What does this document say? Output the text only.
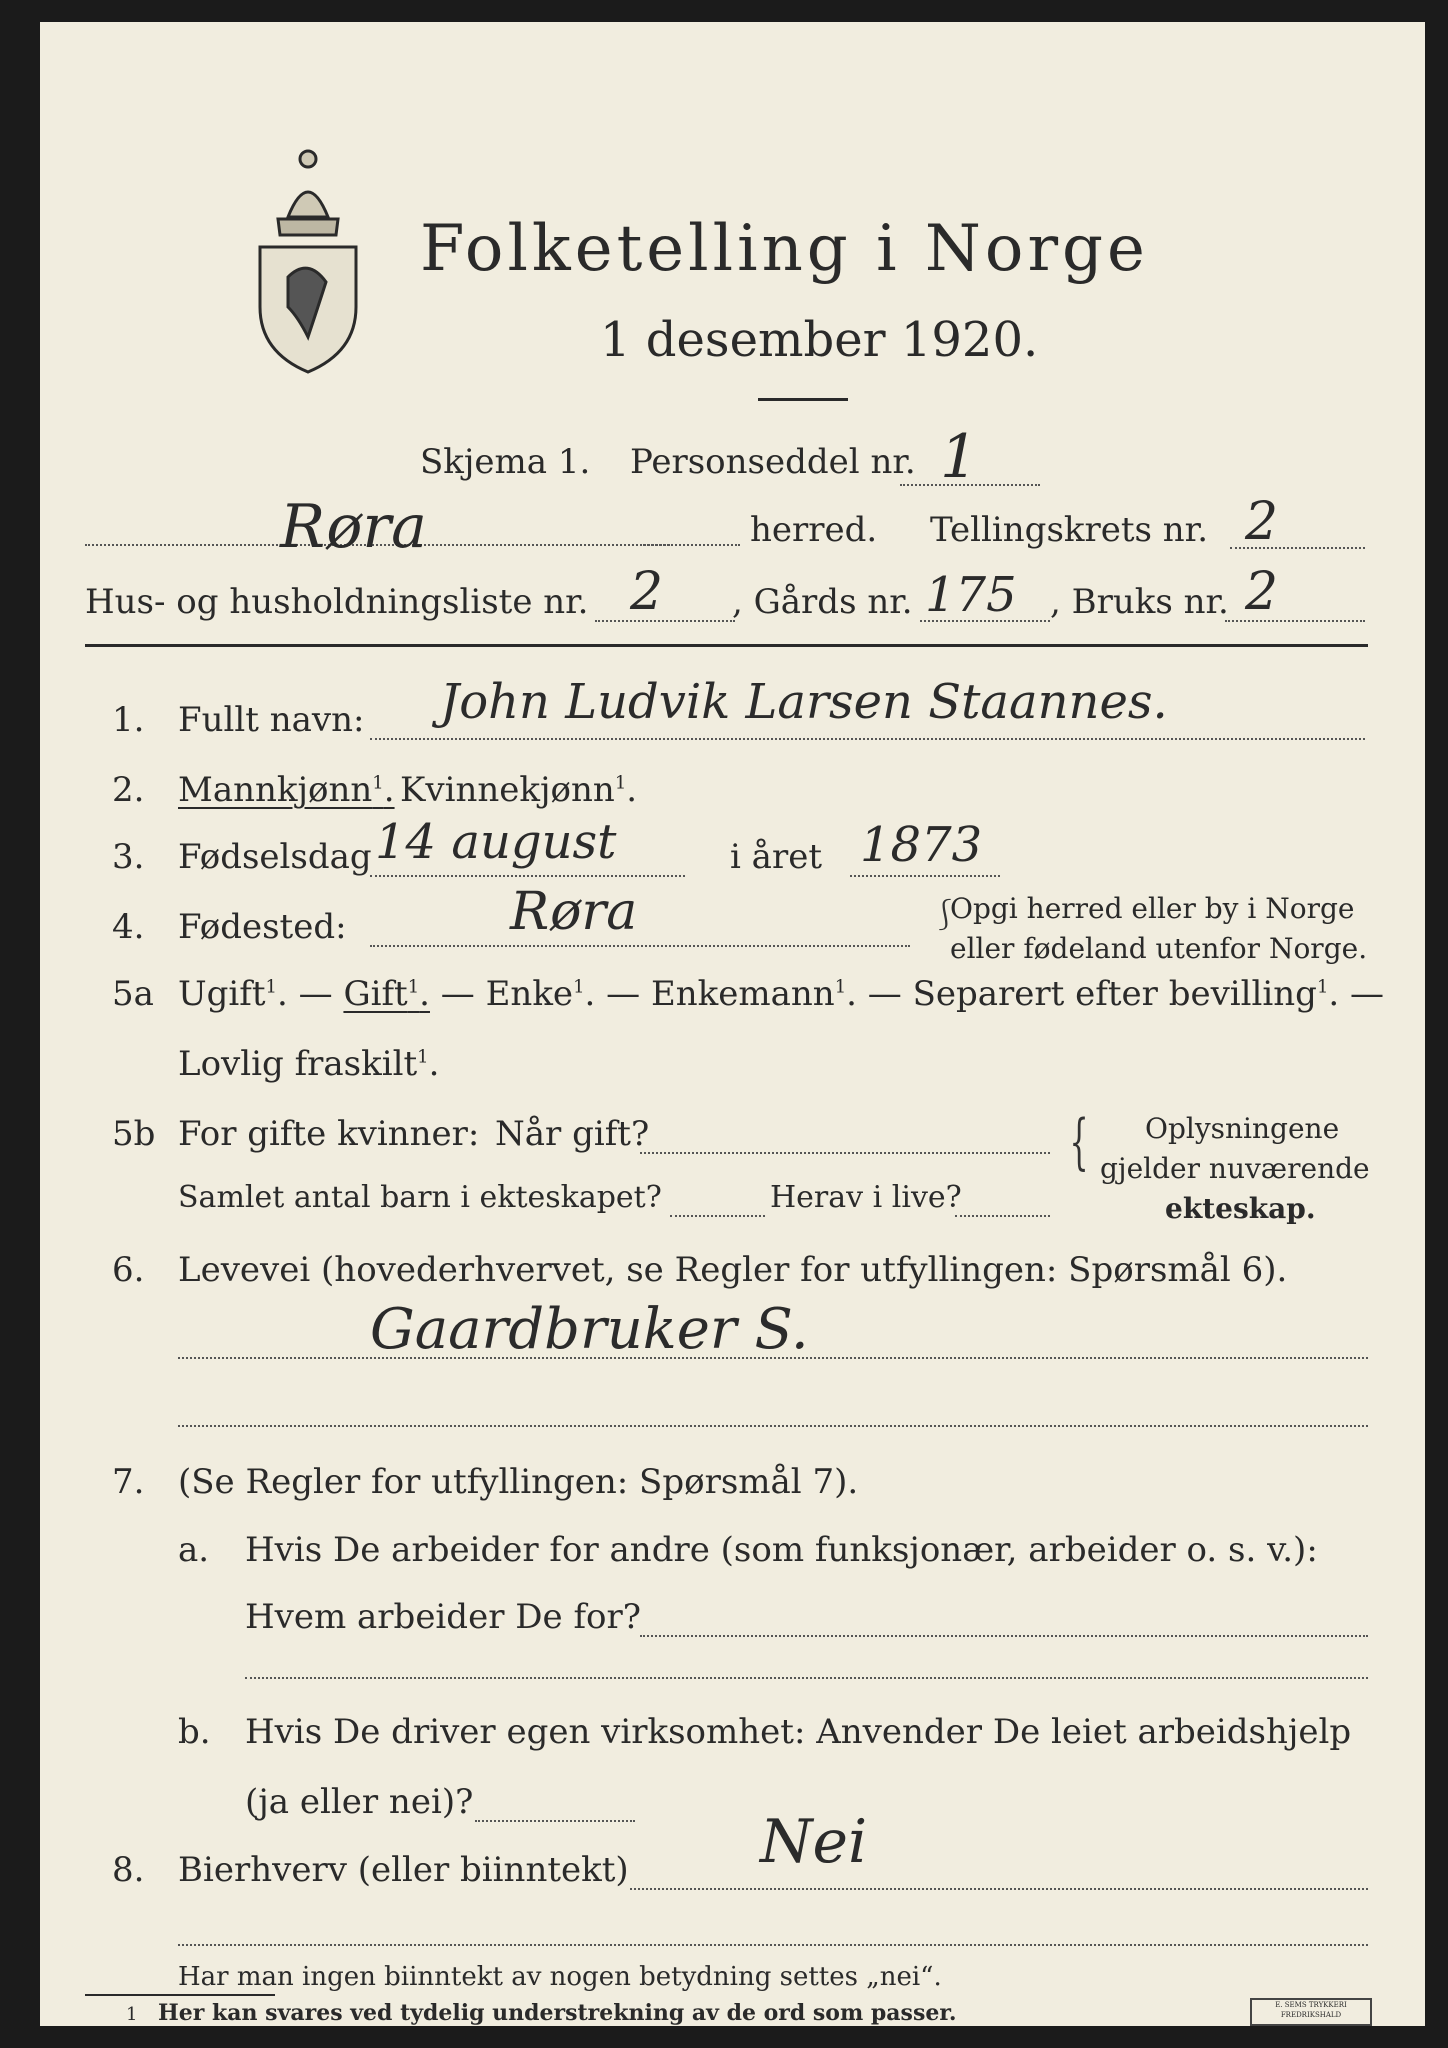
Folketelling i Norge
1 desember 1920.
Skjema 1. Personseddel nr. 1
Røra	herred. Tellingskrets nr. 2
Hus- og husholdningsliste nr. 2 , Gårds nr. 175 , Bruks nr. 2
1. Fullt navn: John Ludvik Larsen Staannes.
2. Mannkjønn$^1$. Kvinnekjønn$^1$.
3. Fødselsdag 14 august	i året 1873
4. Fødested:	Røra	⎰
Opgi herred eller by i Norge
eller fødeland utenfor Norge.
5a Ugift$^1$. — Gift$^1$. — Enke$^1$. — Enkemann$^1$. — Separert efter bevilling$^1$. —
Lovlig fraskilt$^1$.
5b For gifte kvinner: Når gift?
Samlet antal barn i ekteskapet?	Herav i live?
{ Oplysningene
gjelder nuværende
ekteskap.
6. Levevei (hovederhvervet, se Regler for utfyllingen: Spørsmål 6).
Gaardbruker S.
7. (Se Regler for utfyllingen: Spørsmål 7).
a. Hvis De arbeider for andre (som funksjonær, arbeider o. s. v.):
Hvem arbeider De for?
b. Hvis De driver egen virksomhet: Anvender De leiet arbeidshjelp
(ja eller nei)?
8. Bierhverv (eller biinntekt) Nei
Har man ingen biinntekt av nogen betydning settes „nei“.
1 Her kan svares ved tydelig understrekning av de ord som passer.	E. SEMS TRYKKERI FREDRIKSHALD
